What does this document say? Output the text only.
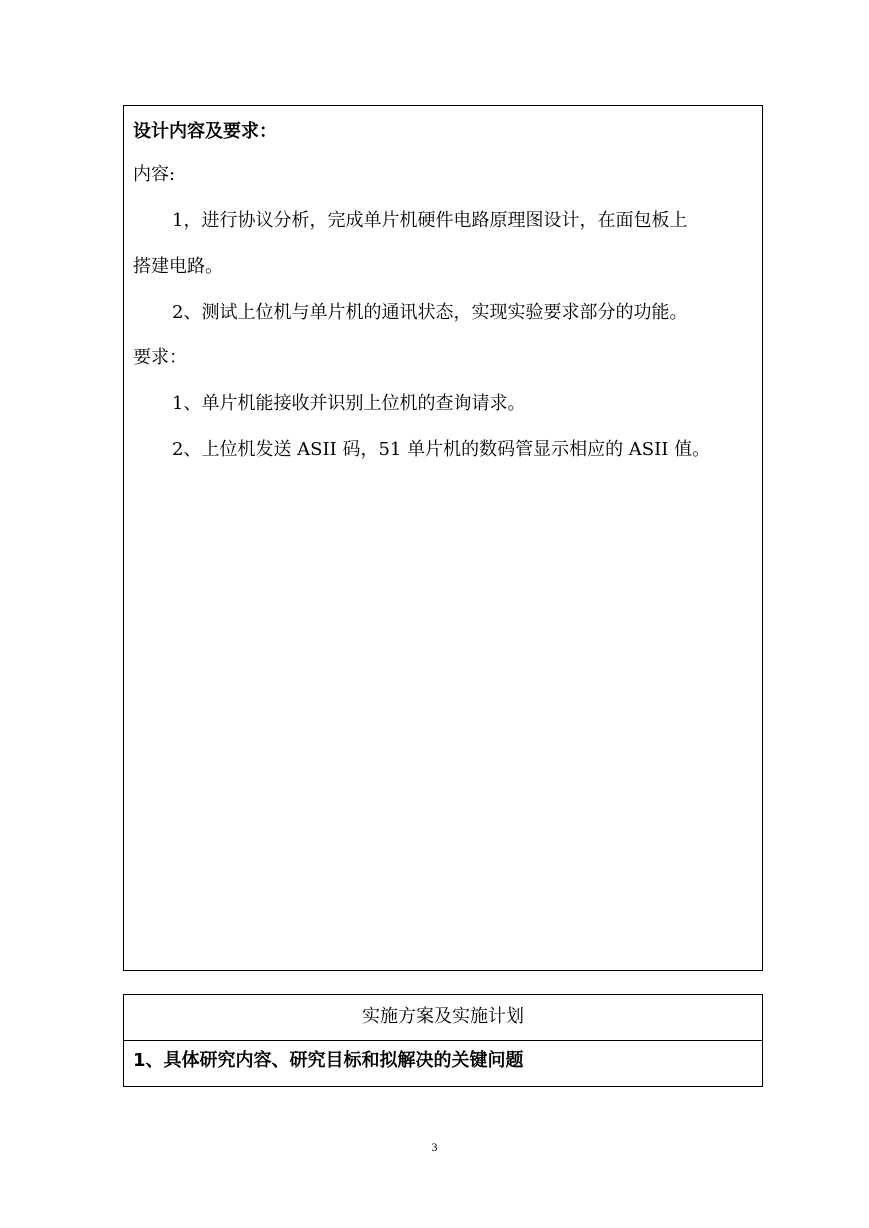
设计内容及要求：
内容:
1，进行协议分析，完成单片机硬件电路原理图设计，在面包板上
搭建电路。
2、测试上位机与单片机的通讯状态，实现实验要求部分的功能。
要求：
1、单片机能接收并识别上位机的查询请求。
2、上位机发送 ASII 码，51 单片机的数码管显示相应的 ASII 值。
实施方案及实施计划
1、具体研究内容、研究目标和拟解决的关键问题
3
